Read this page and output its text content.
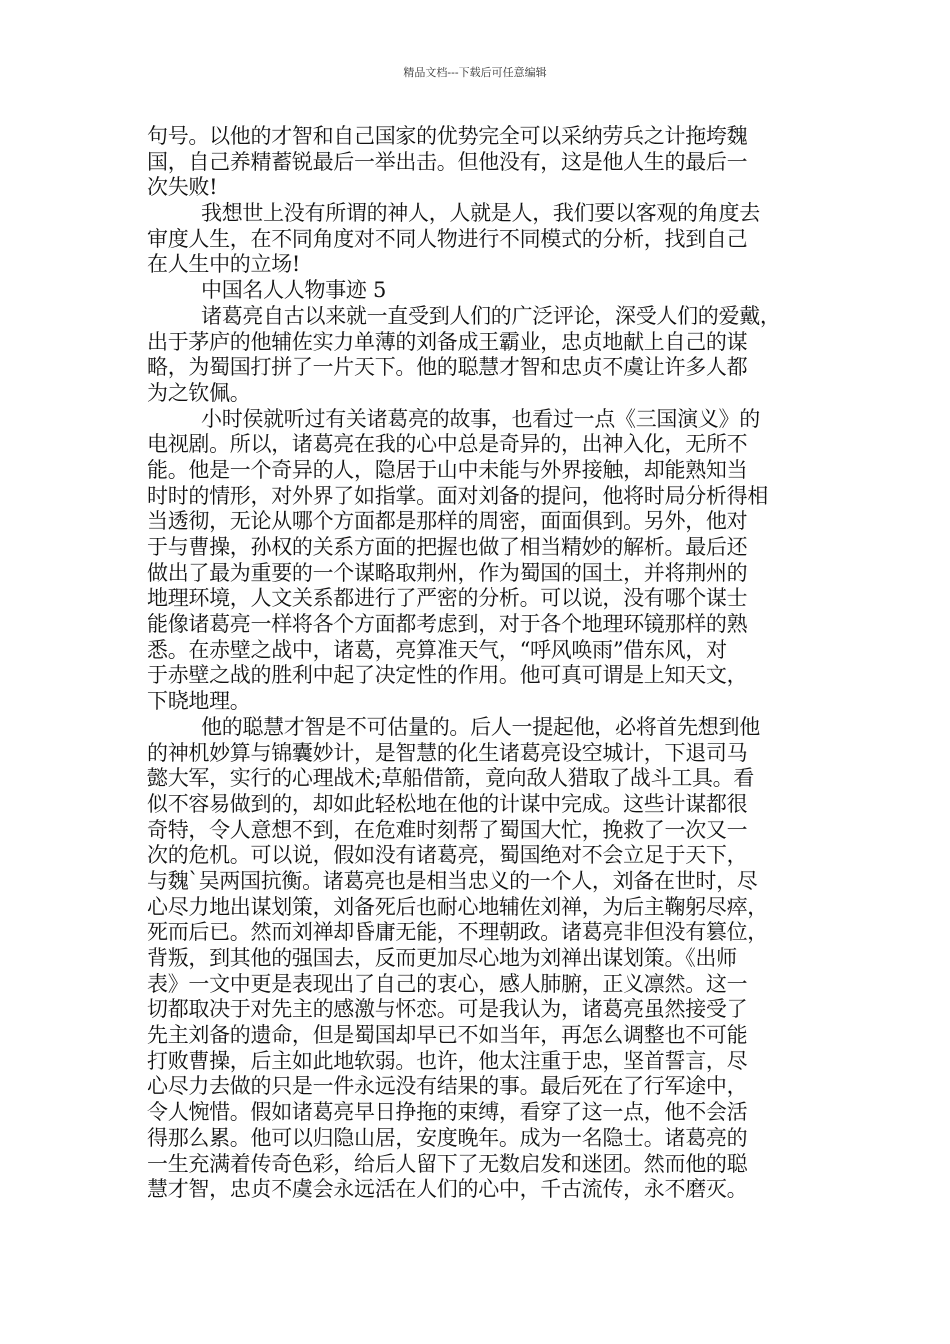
精品文档---下载后可任意编辑
句号。以他的才智和自己国家的优势完全可以采纳劳兵之计拖垮魏
国，自己养精蓄锐最后一举出击。但他没有，这是他人生的最后一
次失败!
我想世上没有所谓的神人，人就是人，我们要以客观的角度去
审度人生，在不同角度对不同人物进行不同模式的分析，找到自己
在人生中的立场!
中国名人人物事迹 5
诸葛亮自古以来就一直受到人们的广泛评论，深受人们的爱戴，
出于茅庐的他辅佐实力单薄的刘备成王霸业，忠贞地献上自己的谋
略，为蜀国打拼了一片天下。他的聪慧才智和忠贞不虞让许多人都
为之钦佩。
小时侯就听过有关诸葛亮的故事，也看过一点《三国演义》的
电视剧。所以，诸葛亮在我的心中总是奇异的，出神入化，无所不
能。他是一个奇异的人，隐居于山中未能与外界接触，却能熟知当
时时的情形，对外界了如指掌。面对刘备的提问，他将时局分析得相
当透彻，无论从哪个方面都是那样的周密，面面俱到。另外，他对
于与曹操，孙权的关系方面的把握也做了相当精妙的解析。最后还
做出了最为重要的一个谋略取荆州，作为蜀国的国土，并将荆州的
地理环境，人文关系都进行了严密的分析。可以说，没有哪个谋士
能像诸葛亮一样将各个方面都考虑到，对于各个地理环镜那样的熟
悉。在赤壁之战中，诸葛，亮算准天气，“呼风唤雨”借东风，对
于赤壁之战的胜利中起了决定性的作用。他可真可谓是上知天文，
下晓地理。
他的聪慧才智是不可估量的。后人一提起他，必将首先想到他
的神机妙算与锦囊妙计，是智慧的化生诸葛亮设空城计，下退司马
懿大军，实行的心理战术;草船借箭，竟向敌人猎取了战斗工具。看
似不容易做到的，却如此轻松地在他的计谋中完成。这些计谋都很
奇特，令人意想不到，在危难时刻帮了蜀国大忙，挽救了一次又一
次的危机。可以说，假如没有诸葛亮，蜀国绝对不会立足于天下，
与魏`吴两国抗衡。诸葛亮也是相当忠义的一个人，刘备在世时，尽
心尽力地出谋划策，刘备死后也耐心地辅佐刘禅，为后主鞠躬尽瘁，
死而后已。然而刘禅却昏庸无能，不理朝政。诸葛亮非但没有篡位，
背叛，到其他的强国去，反而更加尽心地为刘禅出谋划策。《出师
表》一文中更是表现出了自己的衷心，感人肺腑，正义凛然。这一
切都取决于对先主的感激与怀恋。可是我认为，诸葛亮虽然接受了
先主刘备的遗命，但是蜀国却早已不如当年，再怎么调整也不可能
打败曹操，后主如此地软弱。也许，他太注重于忠，坚首誓言，尽
心尽力去做的只是一件永远没有结果的事。最后死在了行军途中，
令人惋惜。假如诸葛亮早日挣拖的束缚，看穿了这一点，他不会活
得那么累。他可以归隐山居，安度晚年。成为一名隐士。诸葛亮的
一生充满着传奇色彩，给后人留下了无数启发和迷团。然而他的聪
慧才智，忠贞不虞会永远活在人们的心中，千古流传，永不磨灭。
